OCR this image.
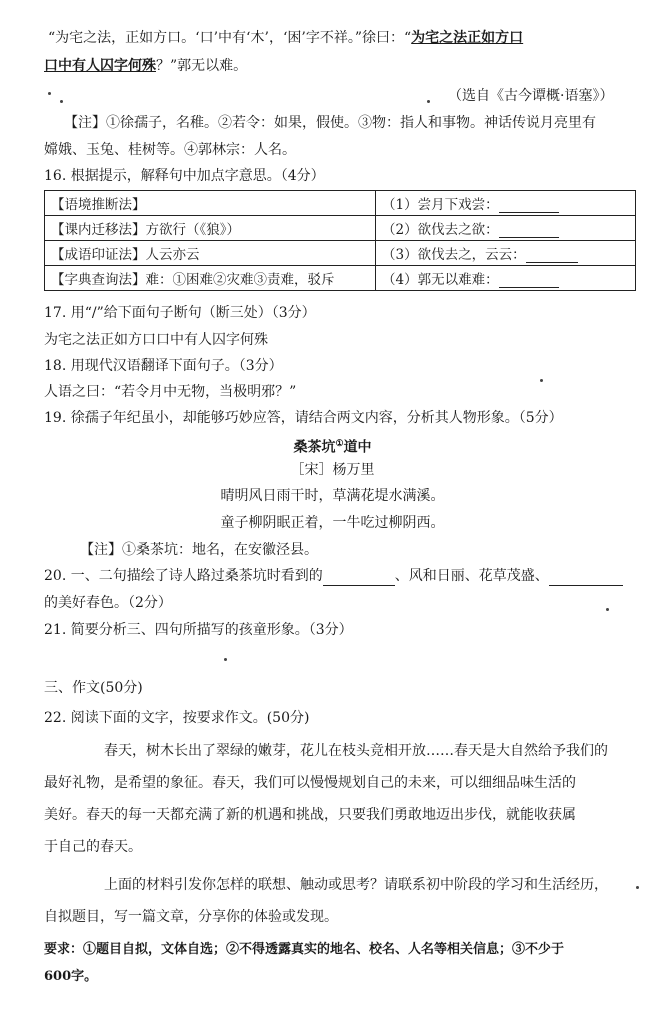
“为宅之法，正如方口。‘口’中有‘木’，‘困’字不祥。”徐曰：“为宅之法正如方口
口中有人囚字何殊？”郭无以难。
（选自《古今谭概·语塞》）
【注】①徐孺子，名稚。②若令：如果，假使。③物：指人和事物。神话传说月亮里有
嫦娥、玉兔、桂树等。④郭林宗：人名。
16. 根据提示，解释句中加点字意思。（4分）
【语境推断法】	（1）尝月下戏尝：
【课内迁移法】方欲行（《狼》）	（2）欲伐去之欲：
【成语印证法】人云亦云	（3）欲伐去之，云云：
【字典查询法】难：①困难②灾难③责难，驳斥	（4）郭无以难难：
17. 用“/”给下面句子断句（断三处）（3分）
为宅之法正如方口口中有人囚字何殊
18. 用现代汉语翻译下面句子。（3分）
人语之曰：“若令月中无物，当极明邪？”
19. 徐孺子年纪虽小，却能够巧妙应答，请结合两文内容，分析其人物形象。（5分）
桑茶坑①道中
［宋］杨万里
晴明风日雨干时，草满花堤水满溪。
童子柳阴眠正着，一牛吃过柳阴西。
【注】①桑茶坑：地名，在安徽泾县。
20. 一、二句描绘了诗人路过桑茶坑时看到的	、风和日丽、花草茂盛、
的美好春色。（2分）
21. 简要分析三、四句所描写的孩童形象。（3分）
三、作文(50分)
22. 阅读下面的文字，按要求作文。(50分)
春天，树木长出了翠绿的嫩芽，花儿在枝头竞相开放……春天是大自然给予我们的
最好礼物，是希望的象征。春天，我们可以慢慢规划自己的未来，可以细细品味生活的
美好。春天的每一天都充满了新的机遇和挑战，只要我们勇敢地迈出步伐，就能收获属
于自己的春天。
上面的材料引发你怎样的联想、触动或思考？请联系初中阶段的学习和生活经历，
自拟题目，写一篇文章，分享你的体验或发现。
要求：①题目自拟，文体自选；②不得透露真实的地名、校名、人名等相关信息；③不少于
600字。
